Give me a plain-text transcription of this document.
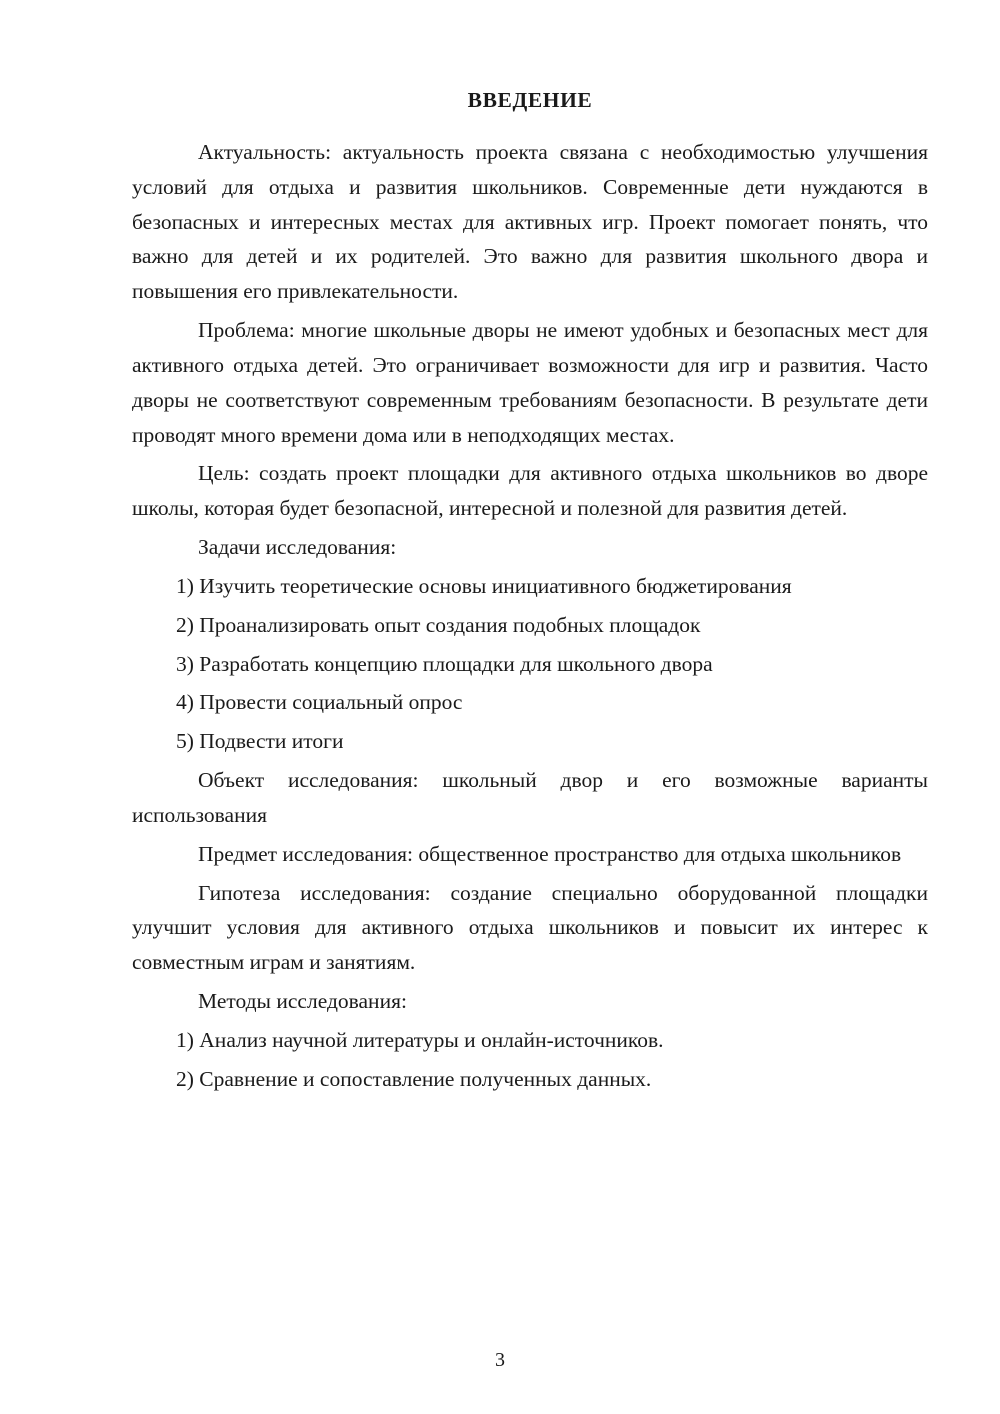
ВВЕДЕНИЕ

Актуальность: актуальность проекта связана с необходимостью улучшения условий для отдыха и развития школьников. Современные дети нуждаются в безопасных и интересных местах для активных игр. Проект помогает понять, что важно для детей и их родителей. Это важно для развития школьного двора и повышения его привлекательности.

Проблема: многие школьные дворы не имеют удобных и безопасных мест для активного отдыха детей. Это ограничивает возможности для игр и развития. Часто дворы не соответствуют современным требованиям безопасности. В результате дети проводят много времени дома или в неподходящих местах.

Цель: создать проект площадки для активного отдыха школьников во дворе школы, которая будет безопасной, интересной и полезной для развития детей.

Задачи исследования:

1) Изучить теоретические основы инициативного бюджетирования

2) Проанализировать опыт создания подобных площадок

3) Разработать концепцию площадки для школьного двора

4) Провести социальный опрос

5) Подвести итоги

Объект исследования: школьный двор и его возможные варианты использования

Предмет исследования: общественное пространство для отдыха школьников

Гипотеза исследования: создание специально оборудованной площадки улучшит условия для активного отдыха школьников и повысит их интерес к совместным играм и занятиям.

Методы исследования:

1) Анализ научной литературы и онлайн-источников.

2) Сравнение и сопоставление полученных данных.

3
